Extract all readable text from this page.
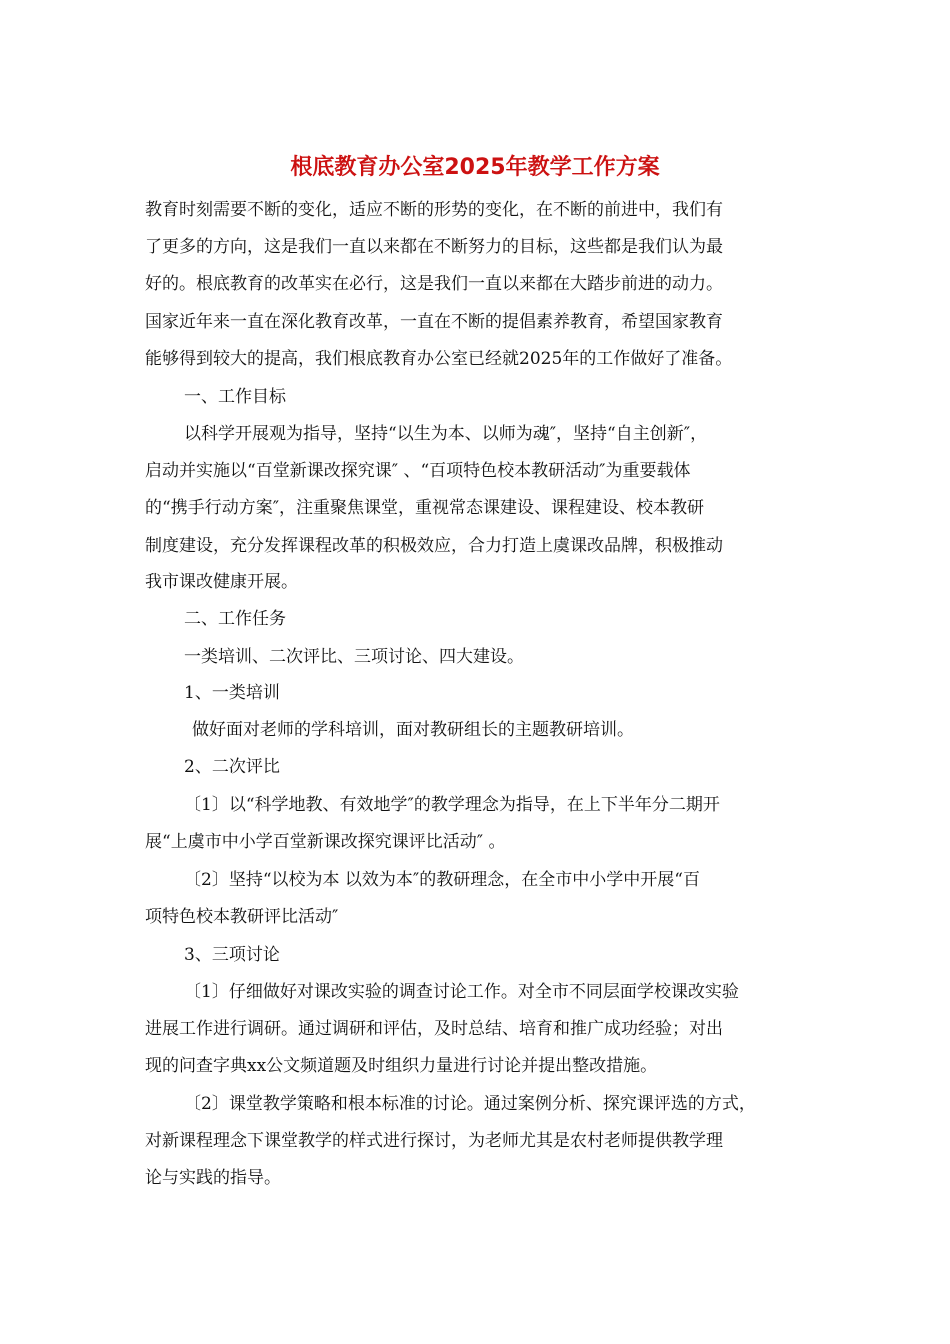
根底教育办公室2025年教学工作方案

教育时刻需要不断的变化，适应不断的形势的变化，在不断的前进中，我们有

了更多的方向，这是我们一直以来都在不断努力的目标，这些都是我们认为最

好的。根底教育的改革实在必行，这是我们一直以来都在大踏步前进的动力。

国家近年来一直在深化教育改革，一直在不断的提倡素养教育，希望国家教育

能够得到较大的提高，我们根底教育办公室已经就2025年的工作做好了准备。

一、工作目标

以科学开展观为指导，坚持“以生为本、以师为魂″，坚持“自主创新″，

启动并实施以“百堂新课改探究课″ 、“百项特色校本教研活动″为重要载体

的“携手行动方案″，注重聚焦课堂，重视常态课建设、课程建设、校本教研

制度建设，充分发挥课程改革的积极效应，合力打造上虞课改品牌，积极推动

我市课改健康开展。

二、工作任务

一类培训、二次评比、三项讨论、四大建设。

1、一类培训

做好面对老师的学科培训，面对教研组长的主题教研培训。

2、二次评比

〔1〕以“科学地教、有效地学″的教学理念为指导，在上下半年分二期开

展“上虞市中小学百堂新课改探究课评比活动″ 。

〔2〕坚持“以校为本 以效为本″的教研理念，在全市中小学中开展“百

项特色校本教研评比活动″

3、三项讨论

〔1〕仔细做好对课改实验的调查讨论工作。对全市不同层面学校课改实验

进展工作进行调研。通过调研和评估，及时总结、培育和推广成功经验；对出

现的问查字典xx公文频道题及时组织力量进行讨论并提出整改措施。

〔2〕课堂教学策略和根本标准的讨论。通过案例分析、探究课评选的方式，

对新课程理念下课堂教学的样式进行探讨，为老师尤其是农村老师提供教学理

论与实践的指导。
